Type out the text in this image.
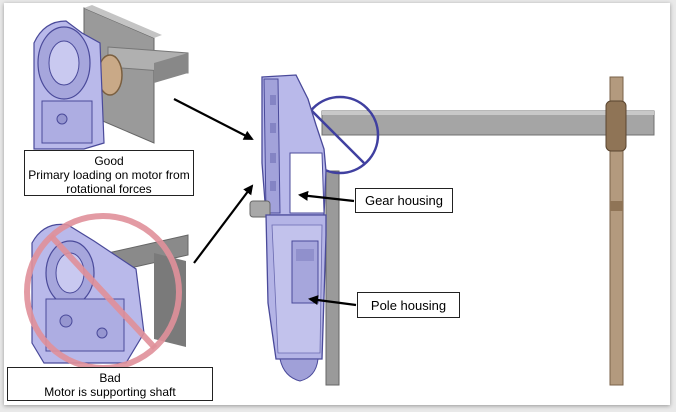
Good
Primary loading on motor from
rotational forces
Bad
Motor is supporting shaft
Gear housing
Pole housing
